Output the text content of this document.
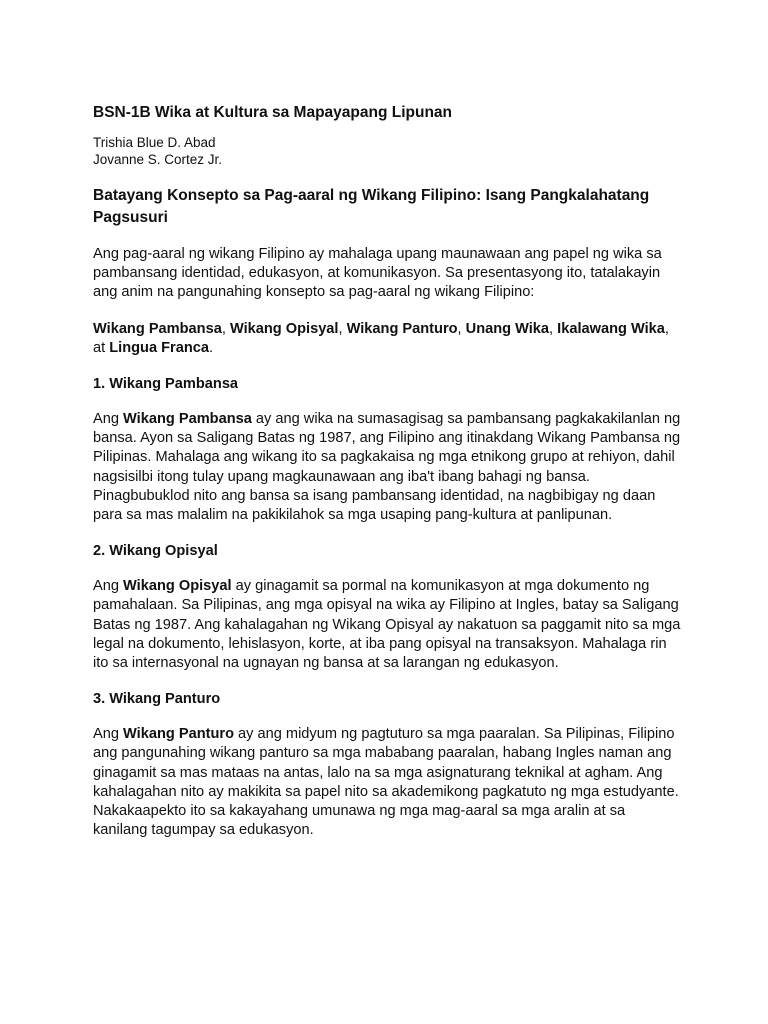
BSN-1B Wika at Kultura sa Mapayapang Lipunan
Trishia Blue D. Abad
Jovanne S. Cortez Jr.
Batayang Konsepto sa Pag-aaral ng Wikang Filipino: Isang Pangkalahatang Pagsusuri

Ang pag-aaral ng wikang Filipino ay mahalaga upang maunawaan ang papel ng wika sa pambansang identidad, edukasyon, at komunikasyon. Sa presentasyong ito, tatalakayin ang anim na pangunahing konsepto sa pag-aaral ng wikang Filipino:

Wikang Pambansa, Wikang Opisyal, Wikang Panturo, Unang Wika, Ikalawang Wika, at Lingua Franca.

1. Wikang Pambansa

Ang Wikang Pambansa ay ang wika na sumasagisag sa pambansang pagkakakilanlan ng bansa. Ayon sa Saligang Batas ng 1987, ang Filipino ang itinakdang Wikang Pambansa ng Pilipinas. Mahalaga ang wikang ito sa pagkakaisa ng mga etnikong grupo at rehiyon, dahil nagsisilbi itong tulay upang magkaunawaan ang iba't ibang bahagi ng bansa. Pinagbubuklod nito ang bansa sa isang pambansang identidad, na nagbibigay ng daan para sa mas malalim na pakikilahok sa mga usaping pang-kultura at panlipunan.

2. Wikang Opisyal

Ang Wikang Opisyal ay ginagamit sa pormal na komunikasyon at mga dokumento ng pamahalaan. Sa Pilipinas, ang mga opisyal na wika ay Filipino at Ingles, batay sa Saligang Batas ng 1987. Ang kahalagahan ng Wikang Opisyal ay nakatuon sa paggamit nito sa mga legal na dokumento, lehislasyon, korte, at iba pang opisyal na transaksyon. Mahalaga rin ito sa internasyonal na ugnayan ng bansa at sa larangan ng edukasyon.

3. Wikang Panturo

Ang Wikang Panturo ay ang midyum ng pagtuturo sa mga paaralan. Sa Pilipinas, Filipino ang pangunahing wikang panturo sa mga mababang paaralan, habang Ingles naman ang ginagamit sa mas mataas na antas, lalo na sa mga asignaturang teknikal at agham. Ang kahalagahan nito ay makikita sa papel nito sa akademikong pagkatuto ng mga estudyante. Nakakaapekto ito sa kakayahang umunawa ng mga mag-aaral sa mga aralin at sa kanilang tagumpay sa edukasyon.
